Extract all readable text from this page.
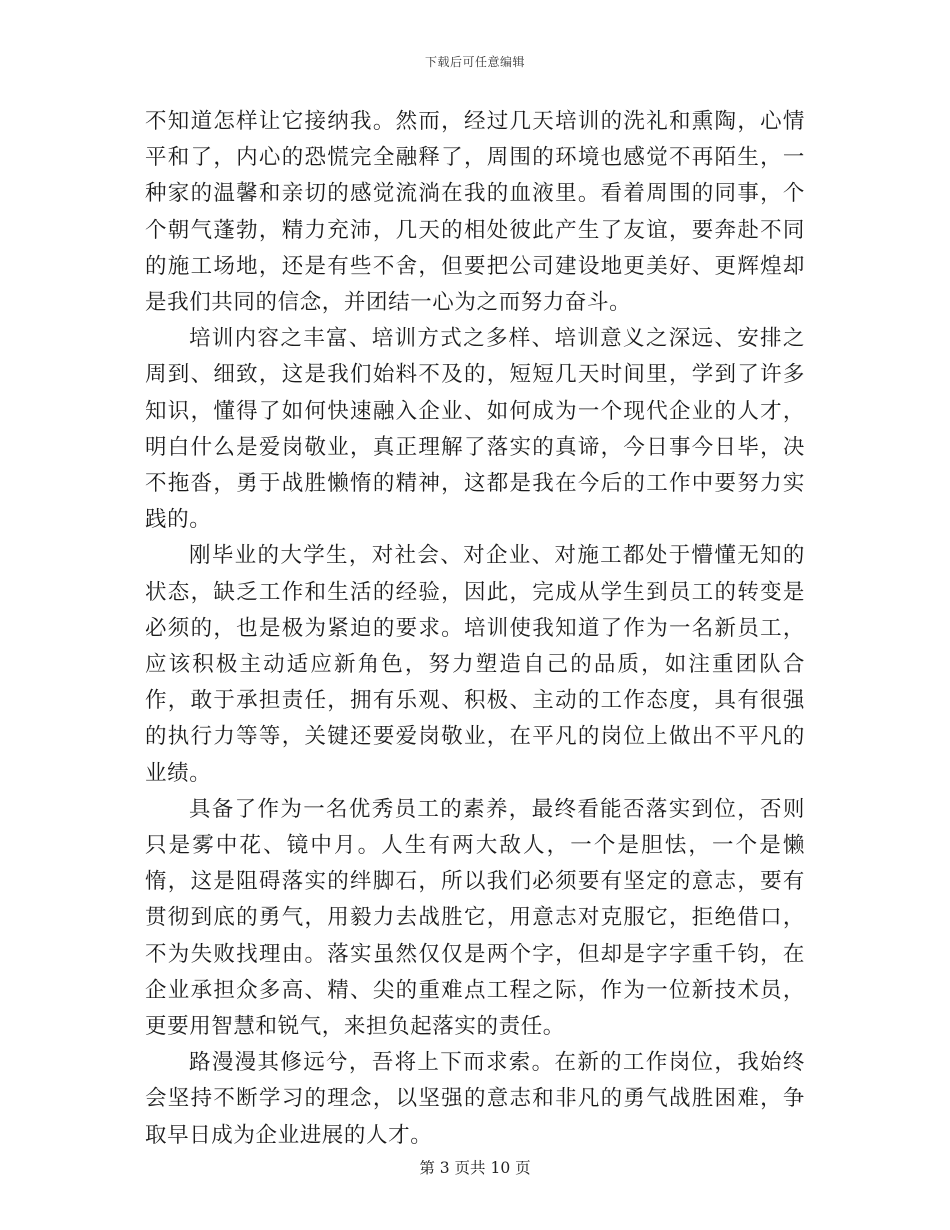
下载后可任意编辑

不知道怎样让它接纳我。然而，经过几天培训的洗礼和熏陶，心情平和了，内心的恐慌完全融释了，周围的环境也感觉不再陌生，一种家的温馨和亲切的感觉流淌在我的血液里。看着周围的同事，个个朝气蓬勃，精力充沛，几天的相处彼此产生了友谊，要奔赴不同的施工场地，还是有些不舍，但要把公司建设地更美好、更辉煌却是我们共同的信念，并团结一心为之而努力奋斗。

培训内容之丰富、培训方式之多样、培训意义之深远、安排之周到、细致，这是我们始料不及的，短短几天时间里，学到了许多知识，懂得了如何快速融入企业、如何成为一个现代企业的人才，明白什么是爱岗敬业，真正理解了落实的真谛，今日事今日毕，决不拖沓，勇于战胜懒惰的精神，这都是我在今后的工作中要努力实践的。

刚毕业的大学生，对社会、对企业、对施工都处于懵懂无知的状态，缺乏工作和生活的经验，因此，完成从学生到员工的转变是必须的，也是极为紧迫的要求。培训使我知道了作为一名新员工，应该积极主动适应新角色，努力塑造自己的品质，如注重团队合作，敢于承担责任，拥有乐观、积极、主动的工作态度，具有很强的执行力等等，关键还要爱岗敬业，在平凡的岗位上做出不平凡的业绩。

具备了作为一名优秀员工的素养，最终看能否落实到位，否则只是雾中花、镜中月。人生有两大敌人，一个是胆怯，一个是懒惰，这是阻碍落实的绊脚石，所以我们必须要有坚定的意志，要有贯彻到底的勇气，用毅力去战胜它，用意志对克服它，拒绝借口，不为失败找理由。落实虽然仅仅是两个字，但却是字字重千钧，在企业承担众多高、精、尖的重难点工程之际，作为一位新技术员，更要用智慧和锐气，来担负起落实的责任。

路漫漫其修远兮，吾将上下而求索。在新的工作岗位，我始终会坚持不断学习的理念，以坚强的意志和非凡的勇气战胜困难，争取早日成为企业进展的人才。

第 3 页共 10 页
